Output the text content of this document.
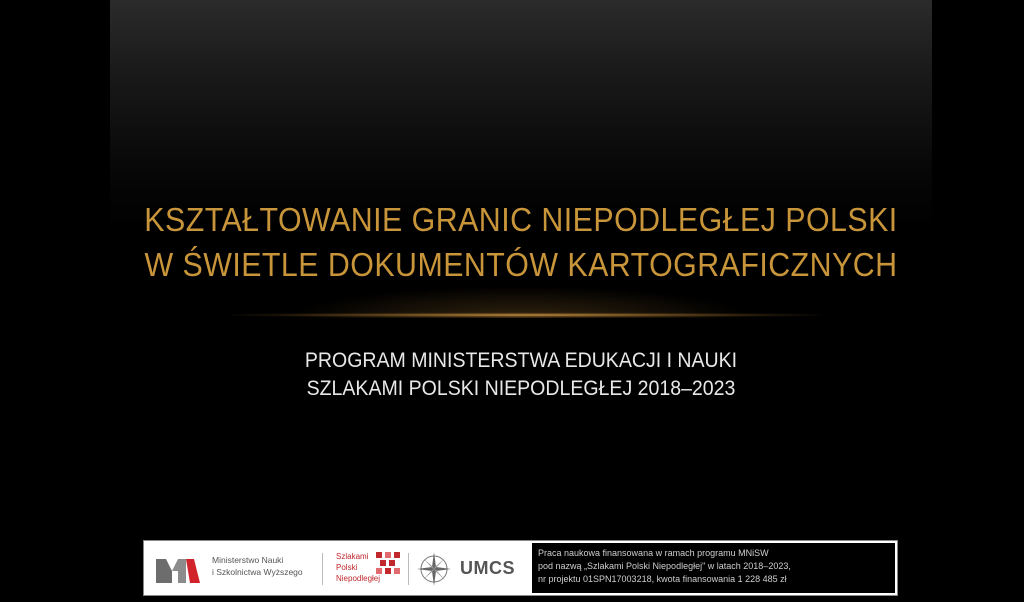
KSZTAŁTOWANIE GRANIC NIEPODLEGŁEJ POLSKI
W ŚWIETLE DOKUMENTÓW KARTOGRAFICZNYCH
PROGRAM MINISTERSTWA EDUKACJI I NAUKI
SZLAKAMI POLSKI NIEPODLEGŁEJ 2018–2023
Ministerstwo Nauki
i Szkolnictwa Wyższego
Szlakami
Polski
Niepodległej
UMCS
Praca naukowa finansowana w ramach programu MNiSW
pod nazwą „Szlakami Polski Niepodległej" w latach 2018–2023,
nr projektu 01SPN17003218, kwota finansowania 1 228 485 zł
